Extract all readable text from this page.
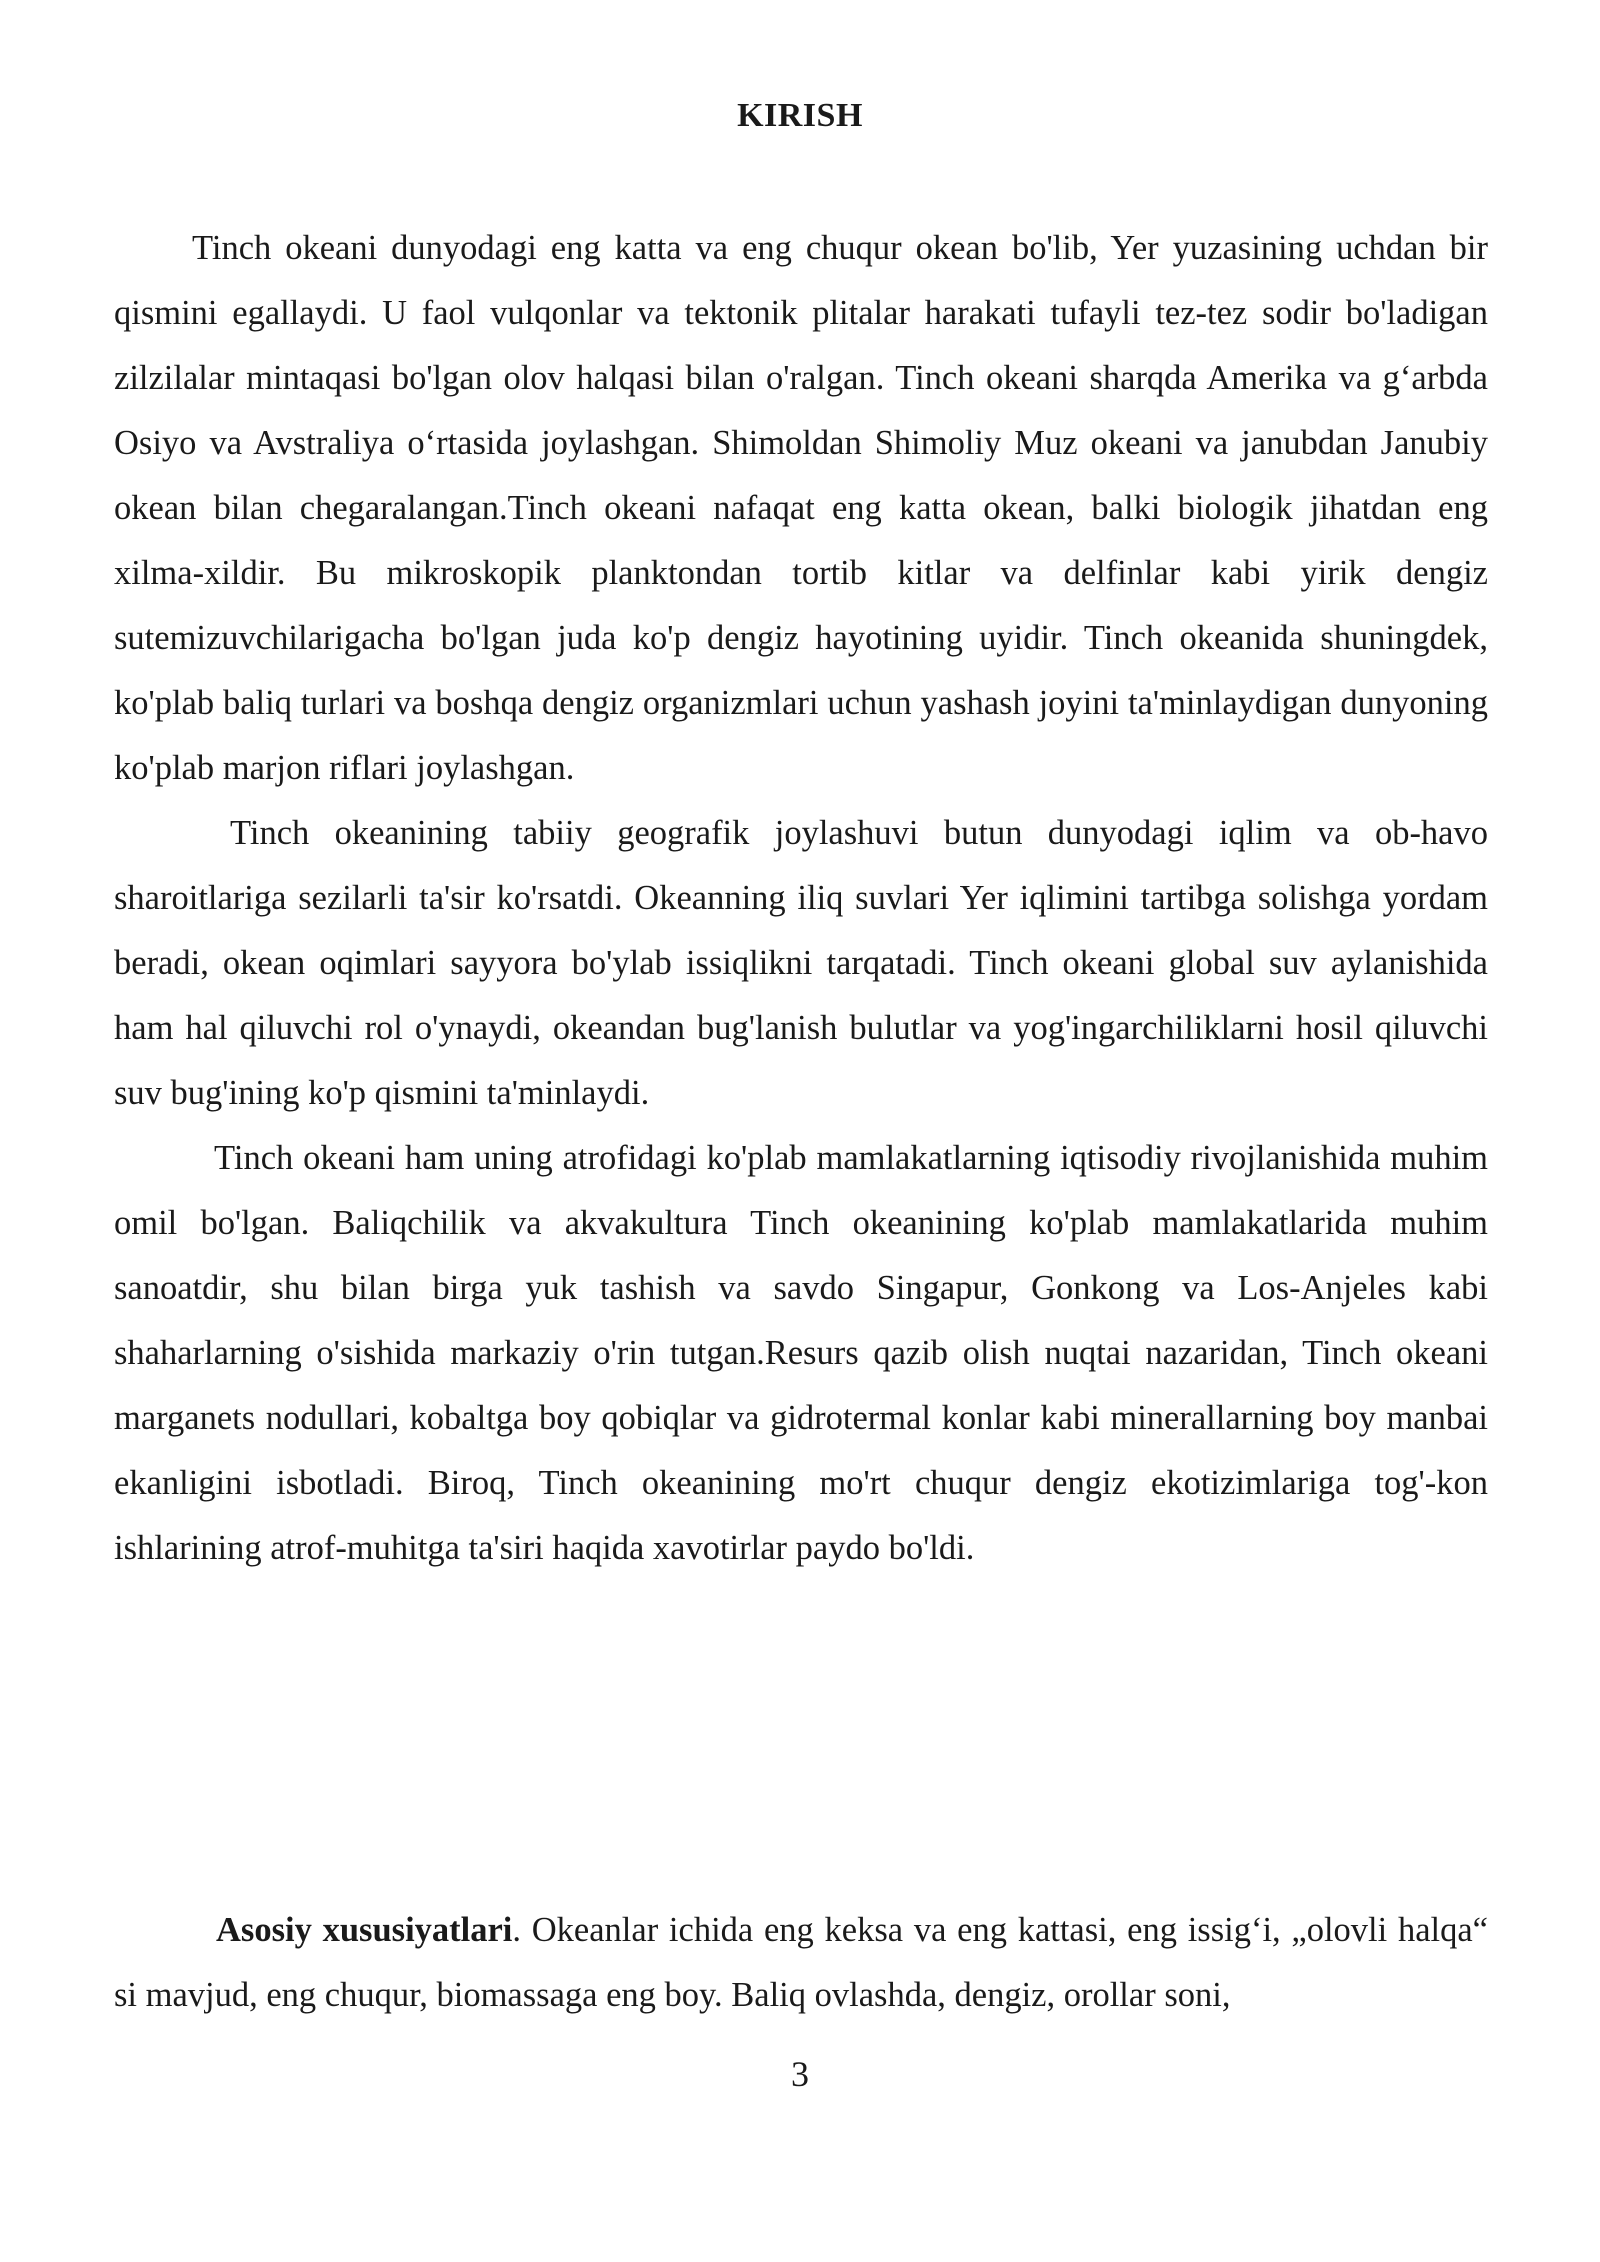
KIRISH

Tinch okeani dunyodagi eng katta va eng chuqur okean bo'lib, Yer yuzasining uchdan bir qismini egallaydi. U faol vulqonlar va tektonik plitalar harakati tufayli tez-tez sodir bo'ladigan zilzilalar mintaqasi bo'lgan olov halqasi bilan o'ralgan. Tinch okeani sharqda Amerika va g‘arbda Osiyo va Avstraliya o‘rtasida joylashgan. Shimoldan Shimoliy Muz okeani va janubdan Janubiy okean bilan chegaralangan.Tinch okeani nafaqat eng katta okean, balki biologik jihatdan eng xilma-xildir. Bu mikroskopik planktondan tortib kitlar va delfinlar kabi yirik dengiz sutemizuvchilarigacha bo'lgan juda ko'p dengiz hayotining uyidir. Tinch okeanida shuningdek, ko'plab baliq turlari va boshqa dengiz organizmlari uchun yashash joyini ta'minlaydigan dunyoning ko'plab marjon riflari joylashgan.

Tinch okeanining tabiiy geografik joylashuvi butun dunyodagi iqlim va ob-havo sharoitlariga sezilarli ta'sir ko'rsatdi. Okeanning iliq suvlari Yer iqlimini tartibga solishga yordam beradi, okean oqimlari sayyora bo'ylab issiqlikni tarqatadi. Tinch okeani global suv aylanishida ham hal qiluvchi rol o'ynaydi, okeandan bug'lanish bulutlar va yog'ingarchiliklarni hosil qiluvchi suv bug'ining ko'p qismini ta'minlaydi.

Tinch okeani ham uning atrofidagi ko'plab mamlakatlarning iqtisodiy rivojlanishida muhim omil bo'lgan. Baliqchilik va akvakultura Tinch okeanining ko'plab mamlakatlarida muhim sanoatdir, shu bilan birga yuk tashish va savdo Singapur, Gonkong va Los-Anjeles kabi shaharlarning o'sishida markaziy o'rin tutgan.Resurs qazib olish nuqtai nazaridan, Tinch okeani marganets nodullari, kobaltga boy qobiqlar va gidrotermal konlar kabi minerallarning boy manbai ekanligini isbotladi. Biroq, Tinch okeanining mo'rt chuqur dengiz ekotizimlariga tog'-kon ishlarining atrof-muhitga ta'siri haqida xavotirlar paydo bo'ldi.

Asosiy xususiyatlari. Okeanlar ichida eng keksa va eng kattasi, eng issig‘i, „olovli halqa“ si mavjud, eng chuqur, biomassaga eng boy. Baliq ovlashda, dengiz, orollar soni,

3
